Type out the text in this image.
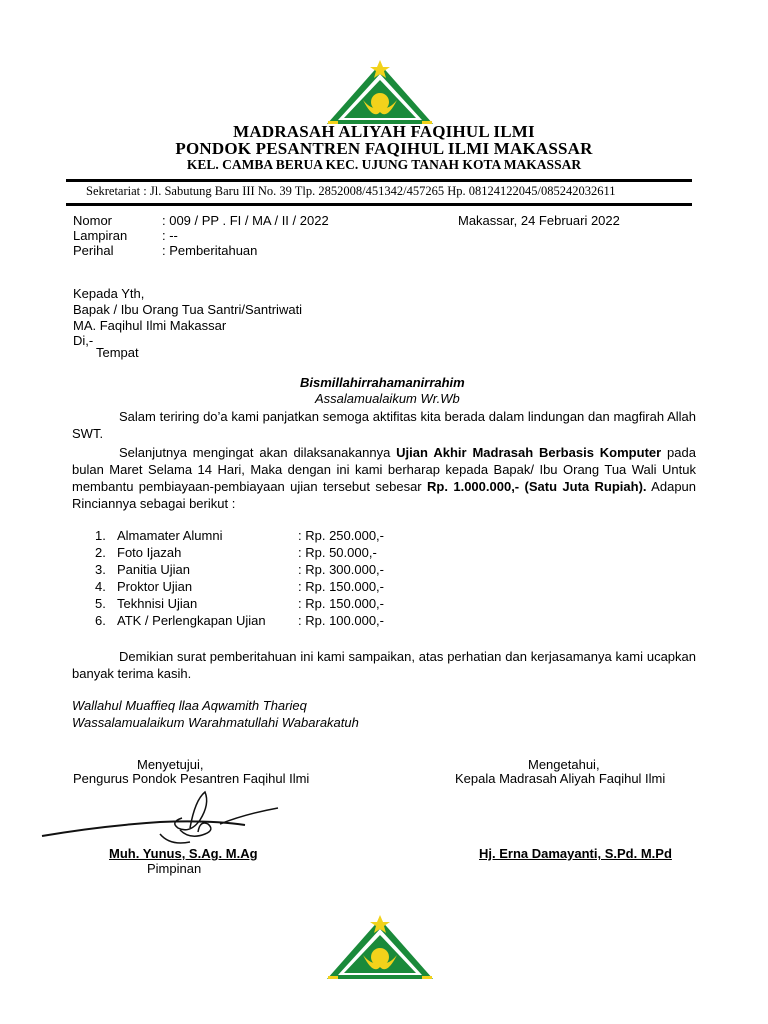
MADRASAH ALIYAH FAQIHUL ILMI
PONDOK PESANTREN FAQIHUL ILMI MAKASSAR
KEL. CAMBA BERUA KEC. UJUNG TANAH KOTA MAKASSAR
Sekretariat : Jl. Sabutung Baru III No. 39 Tlp. 2852008/451342/457265 Hp. 08124122045/085242032611
Nomor	: 009 / PP . FI / MA / II / 2022	Makassar, 24 Februari 2022
Lampiran	: --
Perihal	: Pemberitahuan
Kepada Yth,
Bapak / Ibu Orang Tua Santri/Santriwati
MA. Faqihul Ilmi Makassar
Di,-
Tempat
Bismillahirrahamanirrahim
Assalamualaikum Wr.Wb
Salam teriring do’a kami panjatkan semoga aktifitas kita berada dalam lindungan dan magfirah Allah SWT.
Selanjutnya mengingat akan dilaksanakannya Ujian Akhir Madrasah Berbasis Komputer pada bulan Maret Selama 14 Hari, Maka dengan ini kami berharap kepada Bapak/ Ibu Orang Tua Wali Untuk membantu pembiayaan-pembiayaan ujian tersebut sebesar Rp. 1.000.000,- (Satu Juta Rupiah). Adapun Rinciannya sebagai berikut :
1. Almamater Alumni	: Rp. 250.000,-
2. Foto Ijazah	: Rp. 50.000,-
3. Panitia Ujian	: Rp. 300.000,-
4. Proktor Ujian	: Rp. 150.000,-
5. Tekhnisi Ujian	: Rp. 150.000,-
6. ATK / Perlengkapan Ujian : Rp. 100.000,-
Demikian surat pemberitahuan ini kami sampaikan, atas perhatian dan kerjasamanya kami ucapkan banyak terima kasih.
Wallahul Muaffieq llaa Aqwamith Tharieq
Wassalamualaikum Warahmatullahi Wabarakatuh
Menyetujui,
Pengurus Pondok Pesantren Faqihul Ilmi
Mengetahui,
Kepala Madrasah Aliyah Faqihul Ilmi
Muh. Yunus, S.Ag. M.Ag
Pimpinan
Hj. Erna Damayanti, S.Pd. M.Pd
